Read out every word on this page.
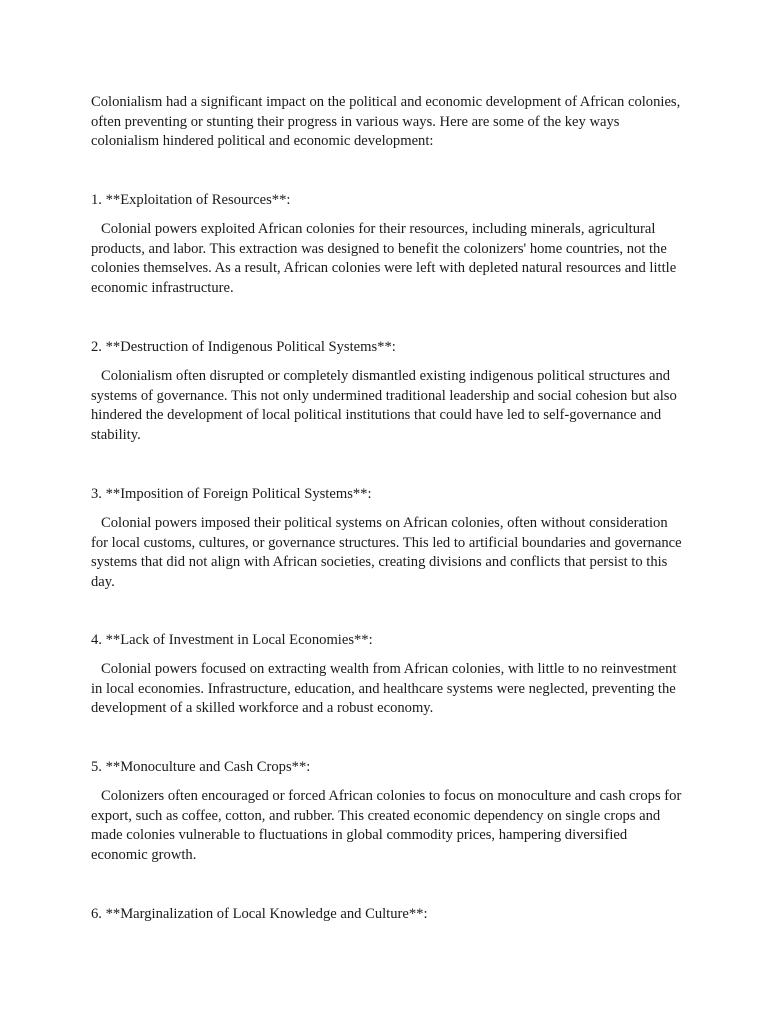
Colonialism had a significant impact on the political and economic development of African colonies, often preventing or stunting their progress in various ways. Here are some of the key ways colonialism hindered political and economic development:

1. **Exploitation of Resources**:

Colonial powers exploited African colonies for their resources, including minerals, agricultural products, and labor. This extraction was designed to benefit the colonizers' home countries, not the colonies themselves. As a result, African colonies were left with depleted natural resources and little economic infrastructure.

2. **Destruction of Indigenous Political Systems**:

Colonialism often disrupted or completely dismantled existing indigenous political structures and systems of governance. This not only undermined traditional leadership and social cohesion but also hindered the development of local political institutions that could have led to self-governance and stability.

3. **Imposition of Foreign Political Systems**:

Colonial powers imposed their political systems on African colonies, often without consideration for local customs, cultures, or governance structures. This led to artificial boundaries and governance systems that did not align with African societies, creating divisions and conflicts that persist to this day.

4. **Lack of Investment in Local Economies**:

Colonial powers focused on extracting wealth from African colonies, with little to no reinvestment in local economies. Infrastructure, education, and healthcare systems were neglected, preventing the development of a skilled workforce and a robust economy.

5. **Monoculture and Cash Crops**:

Colonizers often encouraged or forced African colonies to focus on monoculture and cash crops for export, such as coffee, cotton, and rubber. This created economic dependency on single crops and made colonies vulnerable to fluctuations in global commodity prices, hampering diversified economic growth.

6. **Marginalization of Local Knowledge and Culture**:
